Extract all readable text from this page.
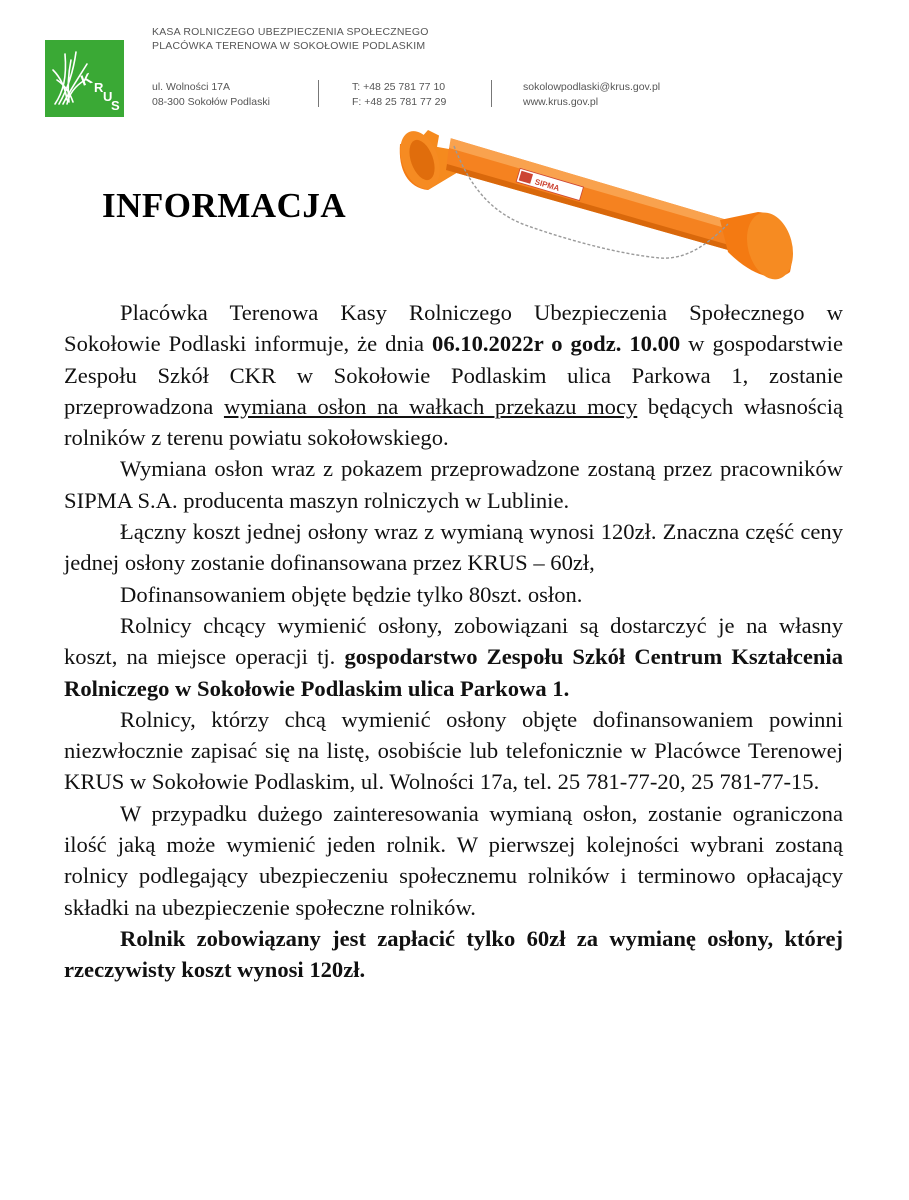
K R
U
S
KASA ROLNICZEGO UBEZPIECZENIA SPOŁECZNEGO
PLACÓWKA TERENOWA W SOKOŁOWIE PODLASKIM
ul. Wolności 17A
08-300 Sokołów Podlaski
T: +48 25 781 77 10
F: +48 25 781 77 29
sokolowpodlaski@krus.gov.pl
www.krus.gov.pl
INFORMACJA
SIPMA

Placówka Terenowa Kasy Rolniczego Ubezpieczenia Społecznego w Sokołowie Podlaski informuje, że dnia 06.10.2022r o godz. 10.00 w gospodarstwie Zespołu Szkół CKR w Sokołowie Podlaskim ulica Parkowa 1, zostanie przeprowadzona wymiana osłon na wałkach przekazu mocy będących własnością rolników z terenu powiatu sokołowskiego.

Wymiana osłon wraz z pokazem przeprowadzone zostaną przez pracowników SIPMA S.A. producenta maszyn rolniczych w Lublinie.

Łączny koszt jednej osłony wraz z wymianą wynosi 120zł. Znaczna część ceny jednej osłony zostanie dofinansowana przez KRUS – 60zł,

Dofinansowaniem objęte będzie tylko 80szt. osłon.

Rolnicy chcący wymienić osłony, zobowiązani są dostarczyć je na własny koszt, na miejsce operacji tj. gospodarstwo Zespołu Szkół Centrum Kształcenia Rolniczego w Sokołowie Podlaskim ulica Parkowa 1.

Rolnicy, którzy chcą wymienić osłony objęte dofinansowaniem powinni niezwłocznie zapisać się na listę, osobiście lub telefonicznie w Placówce Terenowej KRUS w Sokołowie Podlaskim, ul. Wolności 17a, tel. 25 781-77-20, 25 781-77-15.

W przypadku dużego zainteresowania wymianą osłon, zostanie ograniczona ilość jaką może wymienić jeden rolnik. W pierwszej kolejności wybrani zostaną rolnicy podlegający ubezpieczeniu społecznemu rolników i terminowo opłacający składki na ubezpieczenie społeczne rolników.

Rolnik zobowiązany jest zapłacić tylko 60zł za wymianę osłony, której rzeczywisty koszt wynosi 120zł.
